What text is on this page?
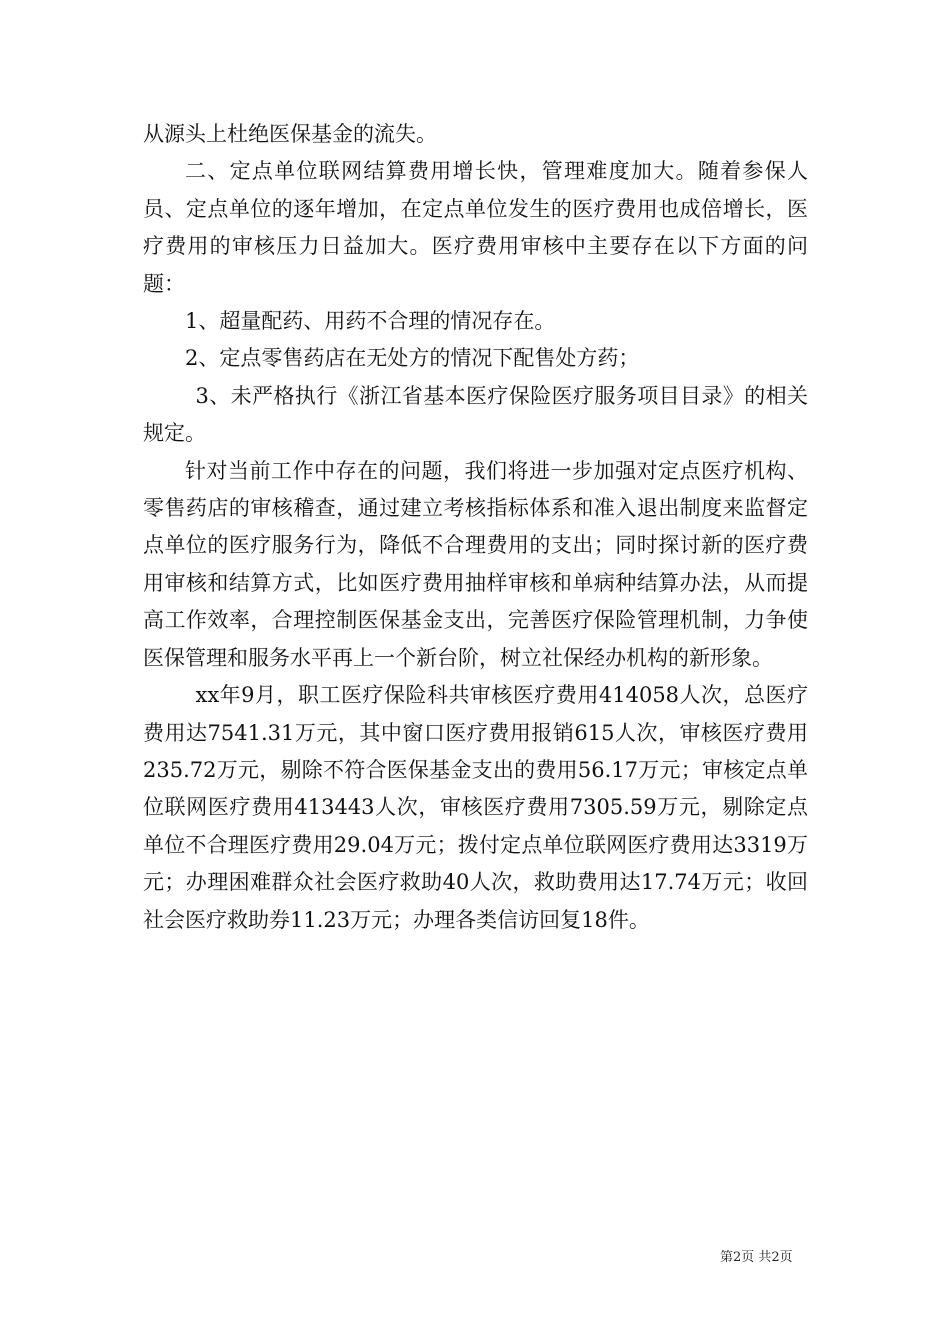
从源头上杜绝医保基金的流失。

二、定点单位联网结算费用增长快，管理难度加大。随着参保人员、定点单位的逐年增加，在定点单位发生的医疗费用也成倍增长，医疗费用的审核压力日益加大。医疗费用审核中主要存在以下方面的问题：

1、超量配药、用药不合理的情况存在。

2、定点零售药店在无处方的情况下配售处方药；

3、未严格执行《浙江省基本医疗保险医疗服务项目目录》的相关规定。

针对当前工作中存在的问题，我们将进一步加强对定点医疗机构、零售药店的审核稽查，通过建立考核指标体系和准入退出制度来监督定点单位的医疗服务行为，降低不合理费用的支出；同时探讨新的医疗费用审核和结算方式，比如医疗费用抽样审核和单病种结算办法，从而提高工作效率，合理控制医保基金支出，完善医疗保险管理机制，力争使医保管理和服务水平再上一个新台阶，树立社保经办机构的新形象。

xx年9月，职工医疗保险科共审核医疗费用414058人次，总医疗费用达7541.31万元，其中窗口医疗费用报销615人次，审核医疗费用235.72万元，剔除不符合医保基金支出的费用56.17万元；审核定点单位联网医疗费用413443人次，审核医疗费用7305.59万元，剔除定点单位不合理医疗费用29.04万元；拨付定点单位联网医疗费用达3319万元；办理困难群众社会医疗救助40人次，救助费用达17.74万元；收回社会医疗救助券11.23万元；办理各类信访回复18件。

第2页 共2页
